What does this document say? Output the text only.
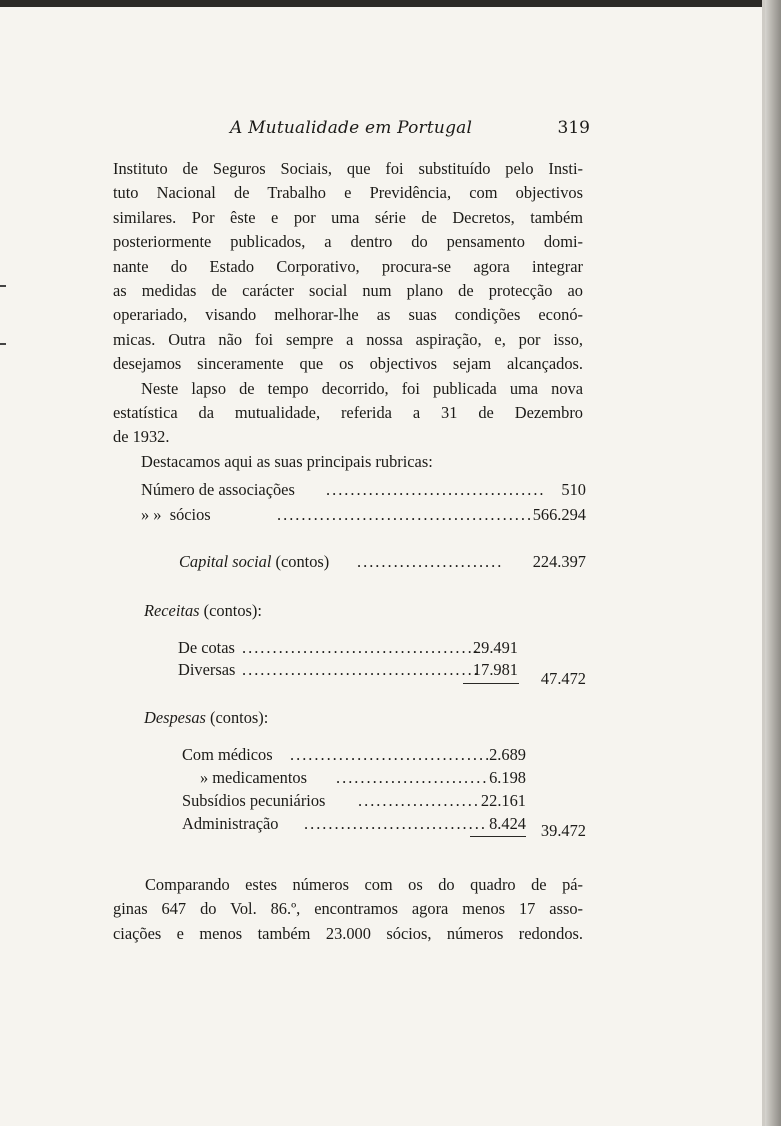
A Mutualidade em Portugal	319
Instituto de Seguros Sociais, que foi substituído pelo Insti-
tuto Nacional de Trabalho e Previdência, com objectivos
similares. Por êste e por uma série de Decretos, também
posteriormente publicados, a dentro do pensamento domi-
nante do Estado Corporativo, procura-se agora integrar
as medidas de carácter social num plano de protecção ao
operariado, visando melhorar-lhe as suas condições econó-
micas. Outra não foi sempre a nossa aspiração, e, por isso,
desejamos sinceramente que os objectivos sejam alcançados.
Neste lapso de tempo decorrido, foi publicada uma nova
estatística da mutualidade, referida a 31 de Dezembro
de 1932.
Destacamos aqui as suas principais rubricas:
Número de associações .................................... 510
» » sócios	.......................................... 566.294
Capital social (contos) ........................ 224.397
Receitas (contos):
De cotas .......................................
29.491
Diversas .......................................
17.981 47.472
Despesas (contos):
Com médicos .................................
2.689
» medicamentos ......................... 6.198
Subsídios pecuniários .................... 22.161
Administração .............................. 8.424 39.472
Comparando estes números com os do quadro de pá-
ginas 647 do Vol. 86.º, encontramos agora menos 17 asso-
ciações e menos também 23.000 sócios, números redondos.
